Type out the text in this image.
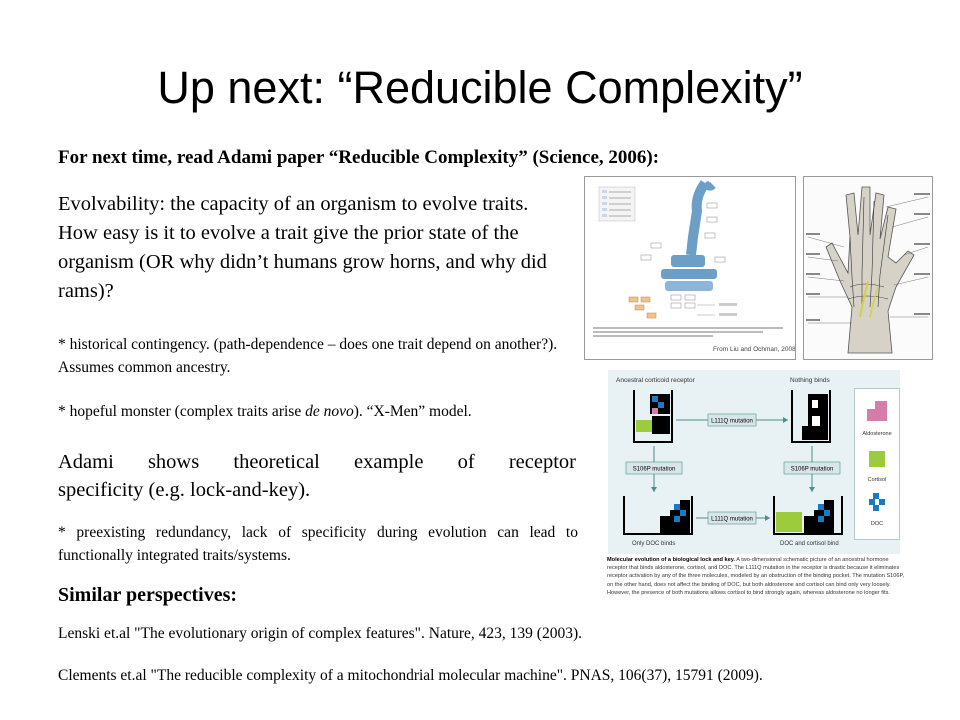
Up next: “Reducible Complexity”
For next time, read Adami paper “Reducible Complexity” (Science, 2006):
Evolvability: the capacity of an organism to evolve traits. How easy is it to evolve a trait give the prior state of the organism (OR why didn’t humans grow horns, and why did rams)?
* historical contingency. (path-dependence – does one trait depend on another?). Assumes common ancestry.
* hopeful monster (complex traits arise de novo). “X-Men” model.
Adami shows theoretical example of receptor
specificity (e.g. lock-and-key).
* preexisting redundancy, lack of specificity during evolution can lead to functionally integrated traits/systems.
Similar perspectives:
Lenski et.al "The evolutionary origin of complex features". Nature, 423, 139 (2003).
Clements et.al "The reducible complexity of a mitochondrial molecular machine". PNAS, 106(37), 15791 (2009).
From Liu and Ochman, 2008
Ancestral corticoid receptor	Nothing binds
L111Q mutation
S106P mutation	S106P mutation
L111Q mutation
Only DOC binds	DOC and cortisol bind
Aldosterone
Cortisol
DOC
Molecular evolution of a biological lock and key. A two-dimensional schematic picture of an ancestral hormone receptor that binds aldosterone, cortisol, and DOC. The L111Q mutation in the receptor is drastic because it eliminates receptor activation by any of the three molecules, modeled by an obstruction of the binding pocket. The mutation S106P, on the other hand, does not affect the binding of DOC, but both aldosterone and cortisol can bind only very loosely. However, the presence of both mutations allows cortisol to bind strongly again, whereas aldosterone no longer fits.
